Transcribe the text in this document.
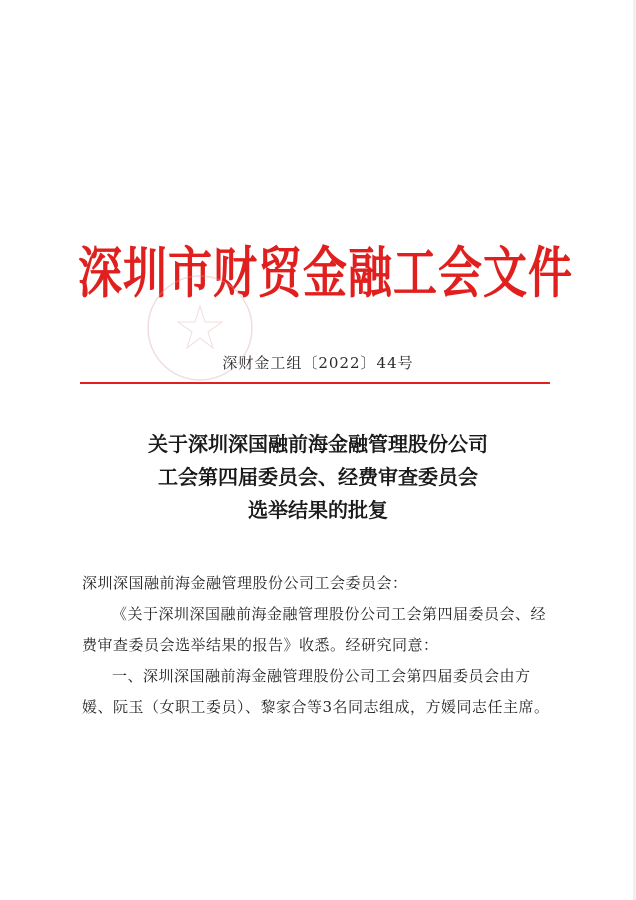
深圳市财贸金融工会文件
深财金工组〔2022〕44号
关于深圳深国融前海金融管理股份公司
工会第四届委员会、经费审查委员会
选举结果的批复

深圳深国融前海金融管理股份公司工会委员会：

《关于深圳深国融前海金融管理股份公司工会第四届委员会、经费审查委员会选举结果的报告》收悉。经研究同意：

一、深圳深国融前海金融管理股份公司工会第四届委员会由方媛、阮玉（女职工委员）、黎家合等3名同志组成，方媛同志任主席。
